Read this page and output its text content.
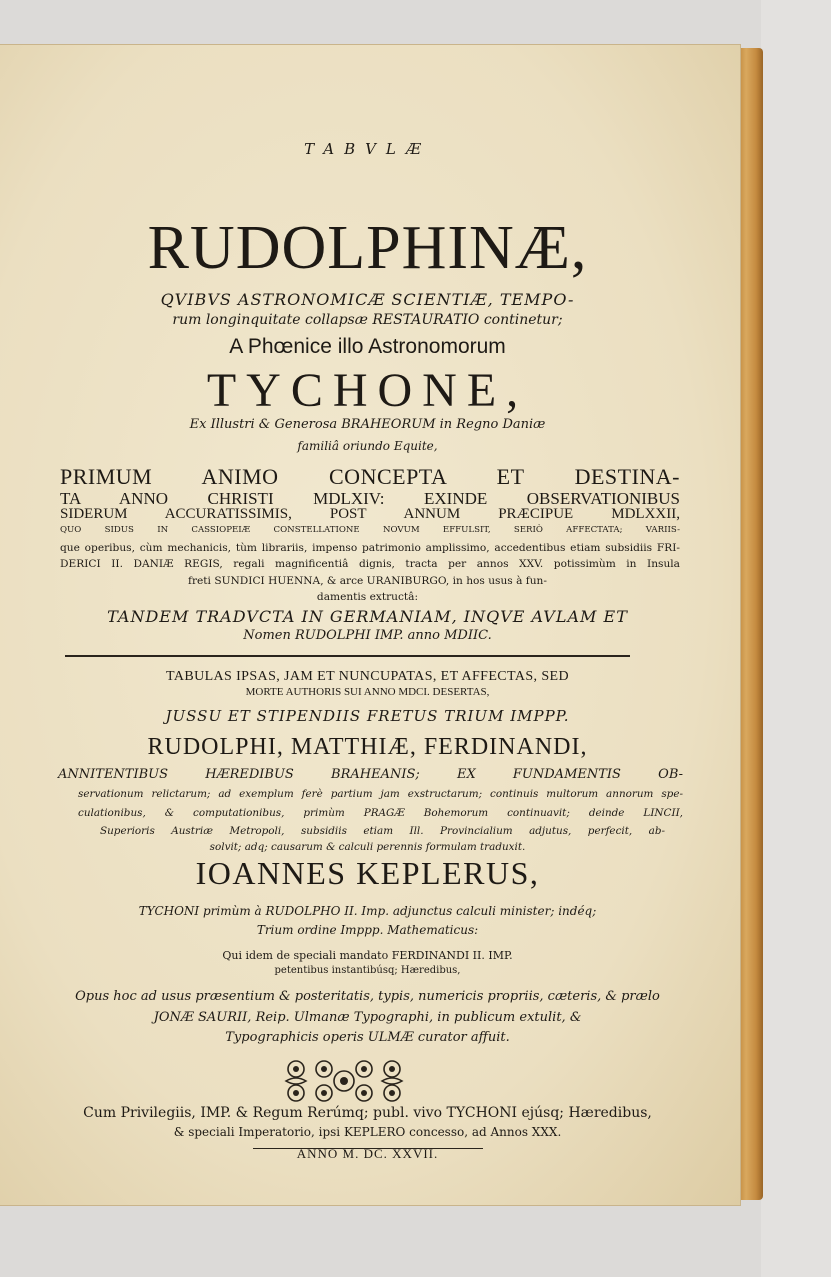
TABVLÆ
RUDOLPHINÆ,
QVIBVS ASTRONOMICÆ SCIENTIÆ, TEMPO-
rum longinquitate collapsæ RESTAURATIO continetur;
A Phœnice illo Astronomorum
TYCHONE,
Ex Illustri & Generosa BRAHEORUM in Regno Daniæ
familiâ oriundo Equite,
PRIMUM ANIMO CONCEPTA ET DESTINA-
TA ANNO CHRISTI MDLXIV: EXINDE OBSERVATIONIBUS
SIDERUM ACCURATISSIMIS, POST ANNUM PRÆCIPUE MDLXXII,
QUO SIDUS IN CASSIOPEIÆ CONSTELLATIONE NOVUM EFFULSIT, SERIÒ AFFECTATA; VARIIS-
que operibus, cùm mechanicis, tùm librariis, impenso patrimonio amplissimo, accedentibus etiam subsidiis FRI-
DERICI II. DANIÆ REGIS, regali magnificentiâ dignis, tracta per annos XXV. potissimùm in Insula
freti SUNDICI HUENNA, & arce URANIBURGO, in hos usus à fun-
damentis extructâ:
TANDEM TRADVCTA IN GERMANIAM, INQVE AVLAM ET
Nomen RUDOLPHI IMP. anno MDIIC.
TABULAS IPSAS, JAM ET NUNCUPATAS, ET AFFECTAS, SED
MORTE AUTHORIS SUI ANNO MDCI. DESERTAS,
JUSSU ET STIPENDIIS FRETUS TRIUM IMPPP.
RUDOLPHI, MATTHIÆ, FERDINANDI,
ANNITENTIBUS HÆREDIBUS BRAHEANIS; EX FUNDAMENTIS OB-
servationum relictarum; ad exemplum ferè partium jam exstructarum; continuis multorum annorum spe-
culationibus, & computationibus, primùm PRAGÆ Bohemorum continuavit; deinde LINCII,
Superioris Austriæ Metropoli, subsidiis etiam Ill. Provincialium adjutus, perfecit, ab-
solvit; adq; causarum & calculi perennis formulam traduxit.
IOANNES KEPLERUS,
TYCHONI primùm à RUDOLPHO II. Imp. adjunctus calculi minister; indéq;
Trium ordine Imppp. Mathematicus:
Qui idem de speciali mandato FERDINANDI II. IMP.
petentibus instantibúsq; Hæredibus,
Opus hoc ad usus præsentium & posteritatis, typis, numericis propriis, cæteris, & prælo
JONÆ SAURII, Reip. Ulmanæ Typographi, in publicum extulit, &
Typographicis operis ULMÆ curator affuit.
Cum Privilegiis, IMP. & Regum Rerúmq; publ. vivo TYCHONI ejúsq; Hæredibus,
& speciali Imperatorio, ipsi KEPLERO concesso, ad Annos XXX.
ANNO M. DC. XXVII.
